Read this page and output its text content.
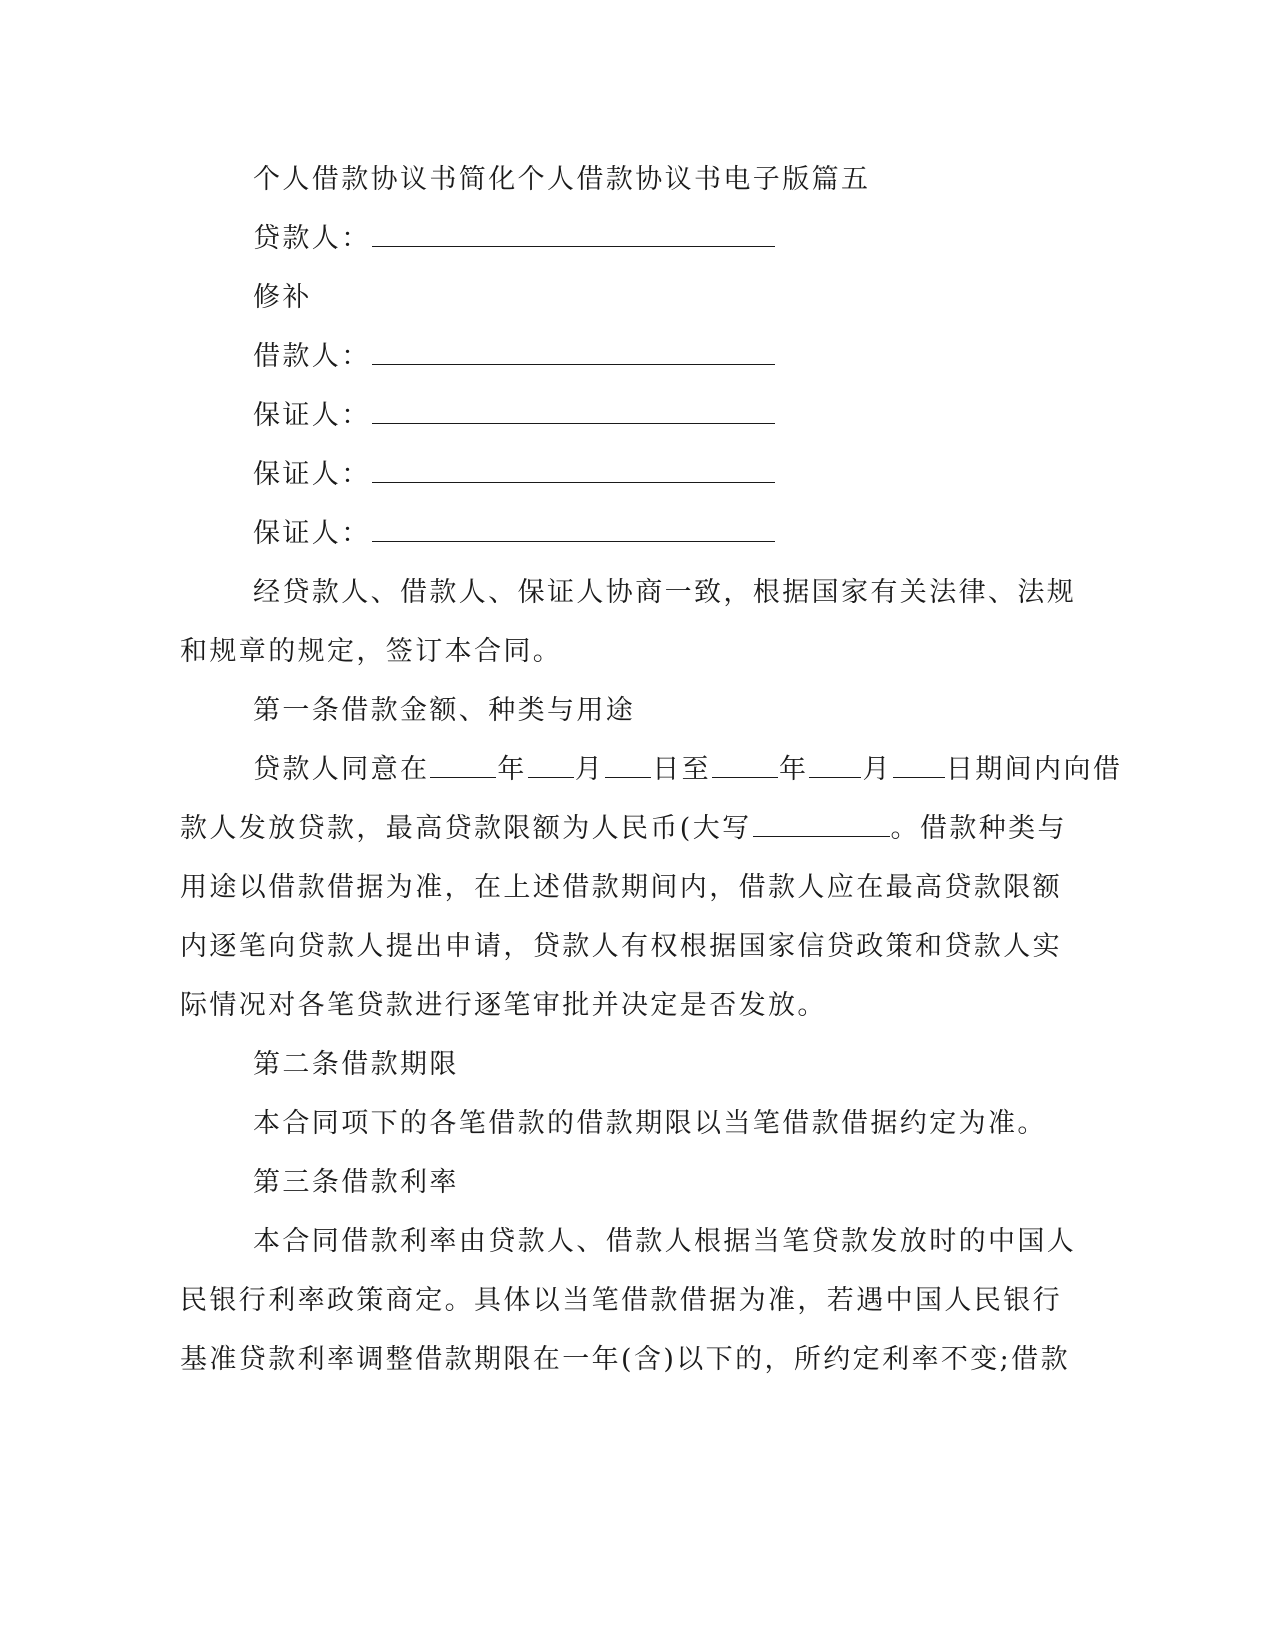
个人借款协议书简化个人借款协议书电子版篇五

贷款人：

修补

借款人：

保证人：

保证人：

保证人：

经贷款人、借款人、保证人协商一致，根据国家有关法律、法规

和规章的规定，签订本合同。

第一条借款金额、种类与用途

贷款人同意在	年 月 日至	年 月 日期间内向借

款人发放贷款，最高贷款限额为人民币(大写	。借款种类与

用途以借款借据为准，在上述借款期间内，借款人应在最高贷款限额

内逐笔向贷款人提出申请，贷款人有权根据国家信贷政策和贷款人实

际情况对各笔贷款进行逐笔审批并决定是否发放。

第二条借款期限

本合同项下的各笔借款的借款期限以当笔借款借据约定为准。

第三条借款利率

本合同借款利率由贷款人、借款人根据当笔贷款发放时的中国人

民银行利率政策商定。具体以当笔借款借据为准，若遇中国人民银行

基准贷款利率调整借款期限在一年(含)以下的，所约定利率不变;借款
